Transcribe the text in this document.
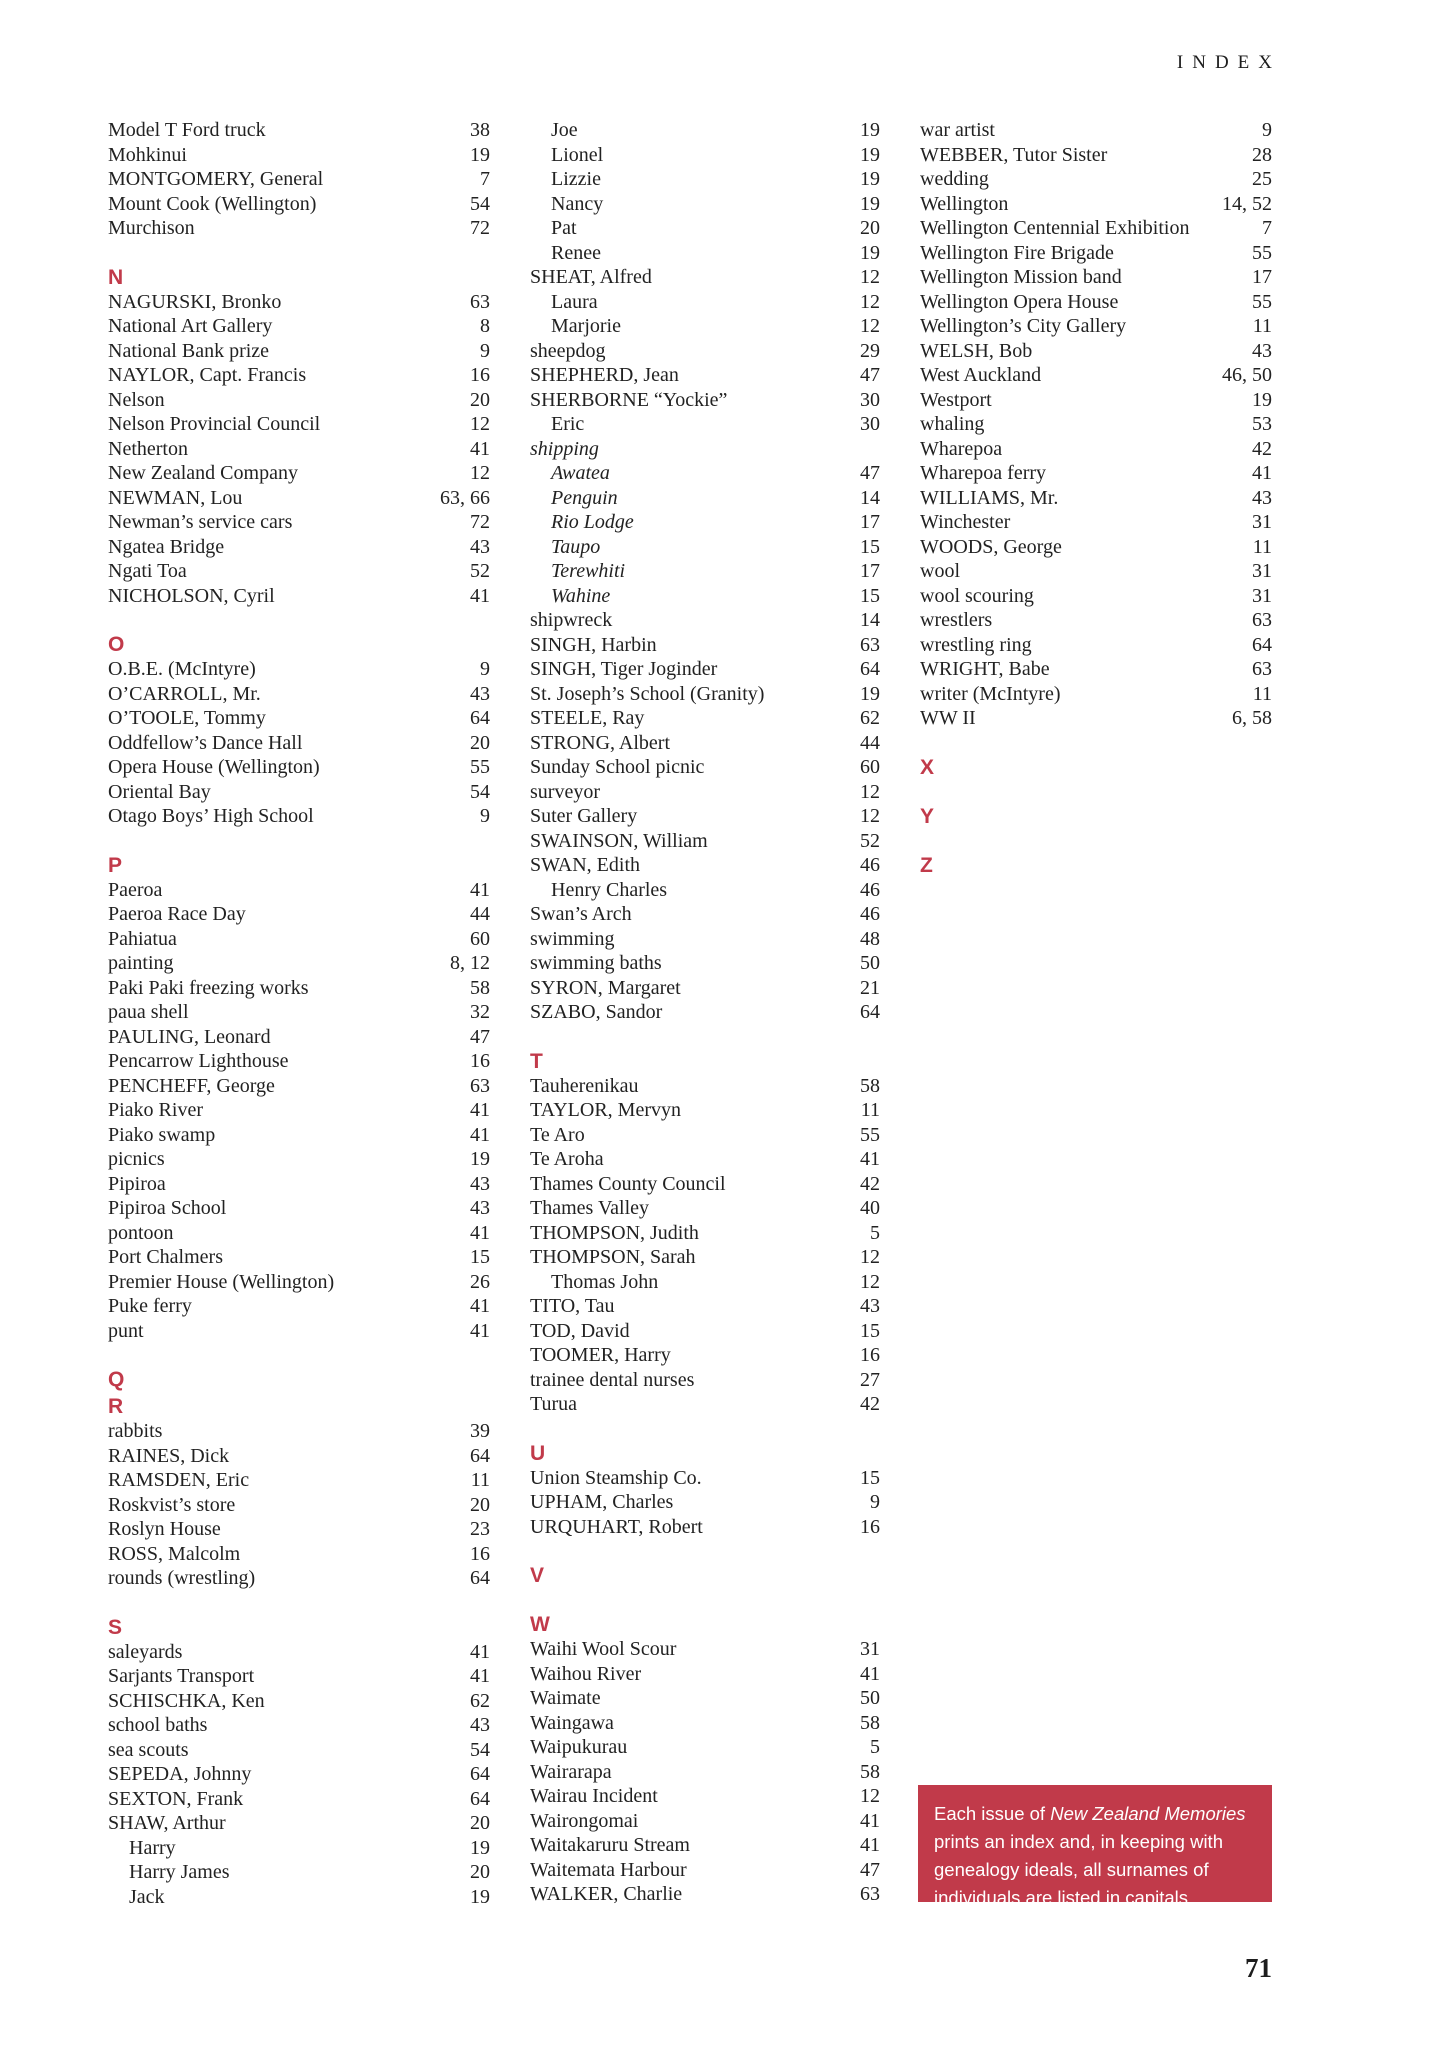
INDEX
Model T Ford truck	38
Mohkinui	19
MONTGOMERY, General	7
Mount Cook (Wellington)	54
Murchison	72
N
NAGURSKI, Bronko	63
National Art Gallery	8
National Bank prize	9
NAYLOR, Capt. Francis	16
Nelson	20
Nelson Provincial Council	12
Netherton	41
New Zealand Company	12
NEWMAN, Lou	63, 66
Newman’s service cars	72
Ngatea Bridge	43
Ngati Toa	52
NICHOLSON, Cyril	41
O
O.B.E. (McIntyre)	9
O’CARROLL, Mr.	43
O’TOOLE, Tommy	64
Oddfellow’s Dance Hall	20
Opera House (Wellington)	55
Oriental Bay	54
Otago Boys’ High School	9
P
Paeroa	41
Paeroa Race Day	44
Pahiatua	60
painting	8, 12
Paki Paki freezing works	58
paua shell	32
PAULING, Leonard	47
Pencarrow Lighthouse	16
PENCHEFF, George	63
Piako River	41
Piako swamp	41
picnics	19
Pipiroa	43
Pipiroa School	43
pontoon	41
Port Chalmers	15
Premier House (Wellington)	26
Puke ferry	41
punt	41
Q
R
rabbits	39
RAINES, Dick	64
RAMSDEN, Eric	11
Roskvist’s store	20
Roslyn House	23
ROSS, Malcolm	16
rounds (wrestling)	64
S
saleyards	41
Sarjants Transport	41
SCHISCHKA, Ken	62
school baths	43
sea scouts	54
SEPEDA, Johnny	64
SEXTON, Frank	64
SHAW, Arthur	20
Harry	19
Harry James	20
Jack	19
Joe	19
Lionel	19
Lizzie	19
Nancy	19
Pat	20
Renee	19
SHEAT, Alfred	12
Laura	12
Marjorie	12
sheepdog	29
SHEPHERD, Jean	47
SHERBORNE “Yockie”	30
Eric	30
shipping
Awatea	47
Penguin	14
Rio Lodge	17
Taupo	15
Terewhiti	17
Wahine	15
shipwreck	14
SINGH, Harbin	63
SINGH, Tiger Joginder	64
St. Joseph’s School (Granity)	19
STEELE, Ray	62
STRONG, Albert	44
Sunday School picnic	60
surveyor	12
Suter Gallery	12
SWAINSON, William	52
SWAN, Edith	46
Henry Charles	46
Swan’s Arch	46
swimming	48
swimming baths	50
SYRON, Margaret	21
SZABO, Sandor	64
T
Tauherenikau	58
TAYLOR, Mervyn	11
Te Aro	55
Te Aroha	41
Thames County Council	42
Thames Valley	40
THOMPSON, Judith	5
THOMPSON, Sarah	12
Thomas John	12
TITO, Tau	43
TOD, David	15
TOOMER, Harry	16
trainee dental nurses	27
Turua	42
U
Union Steamship Co.	15
UPHAM, Charles	9
URQUHART, Robert	16
V
W
Waihi Wool Scour	31
Waihou River	41
Waimate	50
Waingawa	58
Waipukurau	5
Wairarapa	58
Wairau Incident	12
Wairongomai	41
Waitakaruru Stream	41
Waitemata Harbour	47
WALKER, Charlie	63
war artist	9
WEBBER, Tutor Sister	28
wedding	25
Wellington	14, 52
Wellington Centennial Exhibition	7
Wellington Fire Brigade	55
Wellington Mission band	17
Wellington Opera House	55
Wellington’s City Gallery	11
WELSH, Bob	43
West Auckland	46, 50
Westport	19
whaling	53
Wharepoa	42
Wharepoa ferry	41
WILLIAMS, Mr.	43
Winchester	31
WOODS, George	11
wool	31
wool scouring	31
wrestlers	63
wrestling ring	64
WRIGHT, Babe	63
writer (McIntyre)	11
WW II	6, 58
X
Y
Z
Each issue of New Zealand Memories prints an index and, in keeping with genealogy ideals, all surnames of individuals are listed in capitals.
71
